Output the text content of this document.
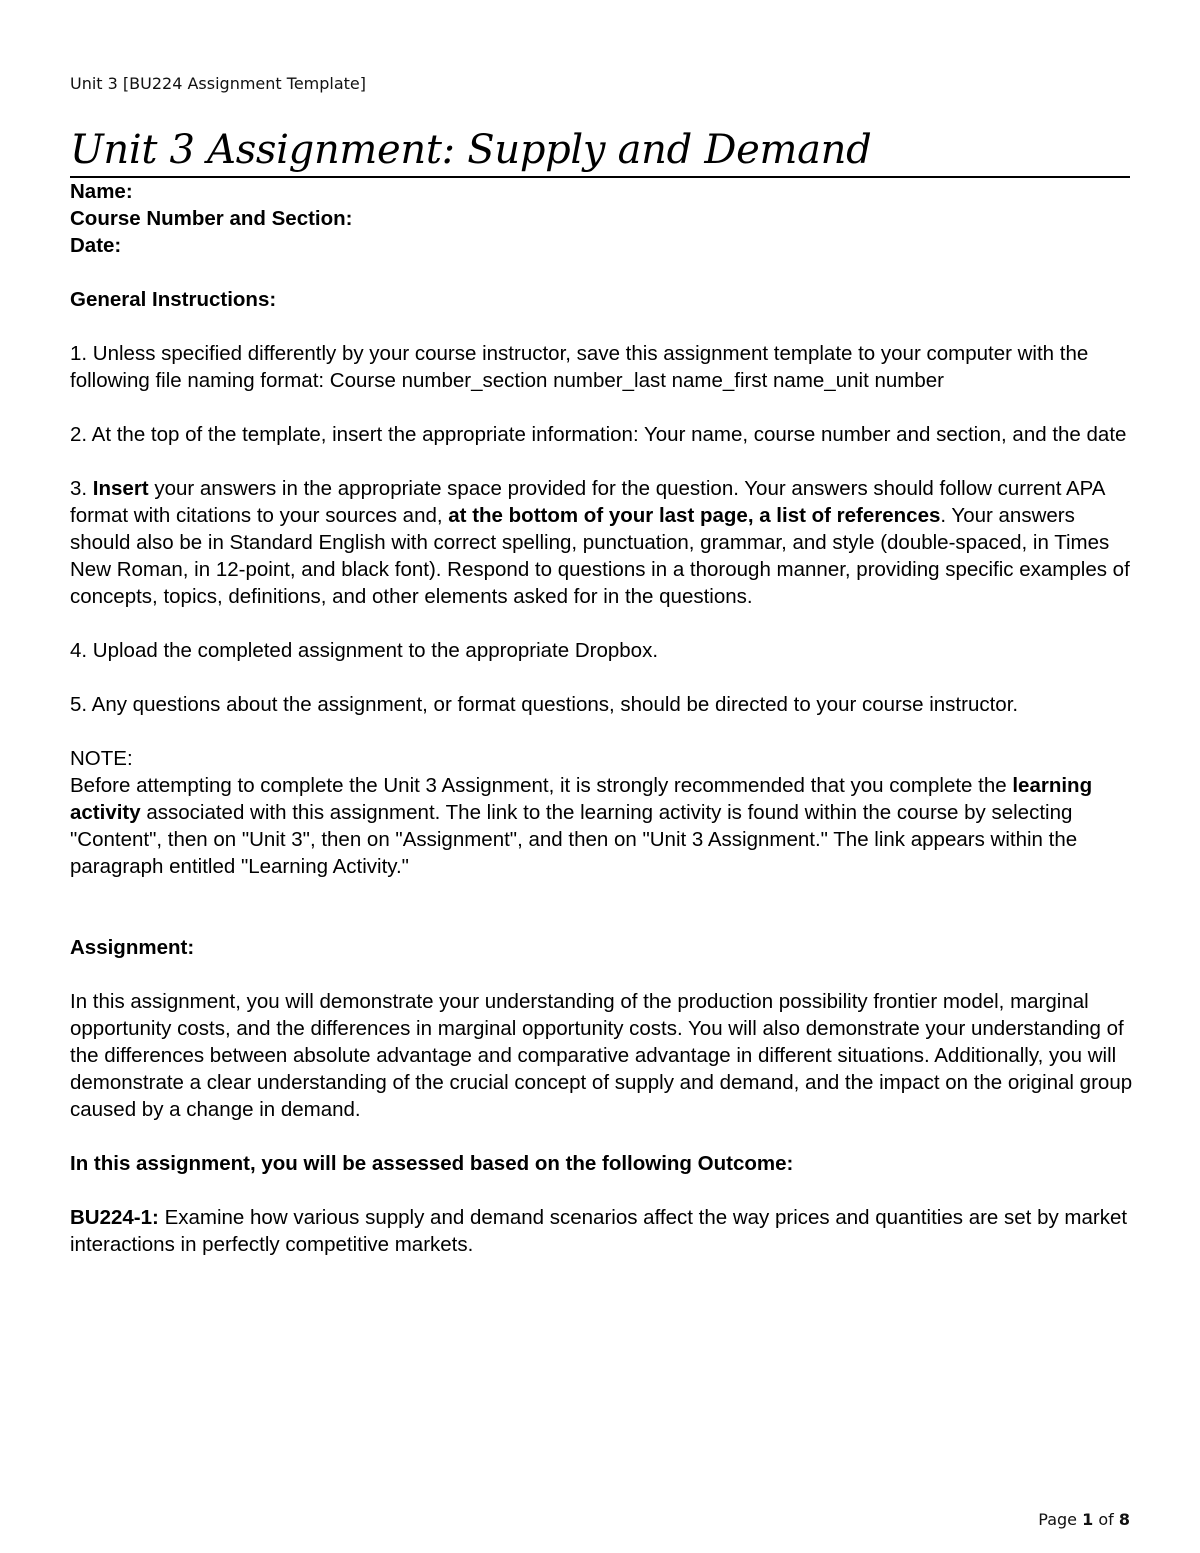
Unit 3 [BU224 Assignment Template]
Unit 3 Assignment: Supply and Demand

Name:

Course Number and Section:

Date:

General Instructions:

1. Unless specified differently by your course instructor, save this assignment template to your computer with the following file naming format: Course number_section number_last name_first name_unit number

2. At the top of the template, insert the appropriate information: Your name, course number and section, and the date

3. Insert your answers in the appropriate space provided for the question. Your answers should follow current APA format with citations to your sources and, at the bottom of your last page, a list of references. Your answers should also be in Standard English with correct spelling, punctuation, grammar, and style (double-spaced, in Times New Roman, in 12-point, and black font). Respond to questions in a thorough manner, providing specific examples of concepts, topics, definitions, and other elements asked for in the questions.

4. Upload the completed assignment to the appropriate Dropbox.

5. Any questions about the assignment, or format questions, should be directed to your course instructor.

NOTE:

Before attempting to complete the Unit 3 Assignment, it is strongly recommended that you complete the learning activity associated with this assignment. The link to the learning activity is found within the course by selecting "Content", then on "Unit 3", then on "Assignment", and then on "Unit 3 Assignment." The link appears within the paragraph entitled "Learning Activity."

Assignment:

In this assignment, you will demonstrate your understanding of the production possibility frontier model, marginal opportunity costs, and the differences in marginal opportunity costs. You will also demonstrate your understanding of the differences between absolute advantage and comparative advantage in different situations. Additionally, you will demonstrate a clear understanding of the crucial concept of supply and demand, and the impact on the original group caused by a change in demand.

In this assignment, you will be assessed based on the following Outcome:

BU224-1: Examine how various supply and demand scenarios affect the way prices and quantities are set by market interactions in perfectly competitive markets.

Page 1 of 8
